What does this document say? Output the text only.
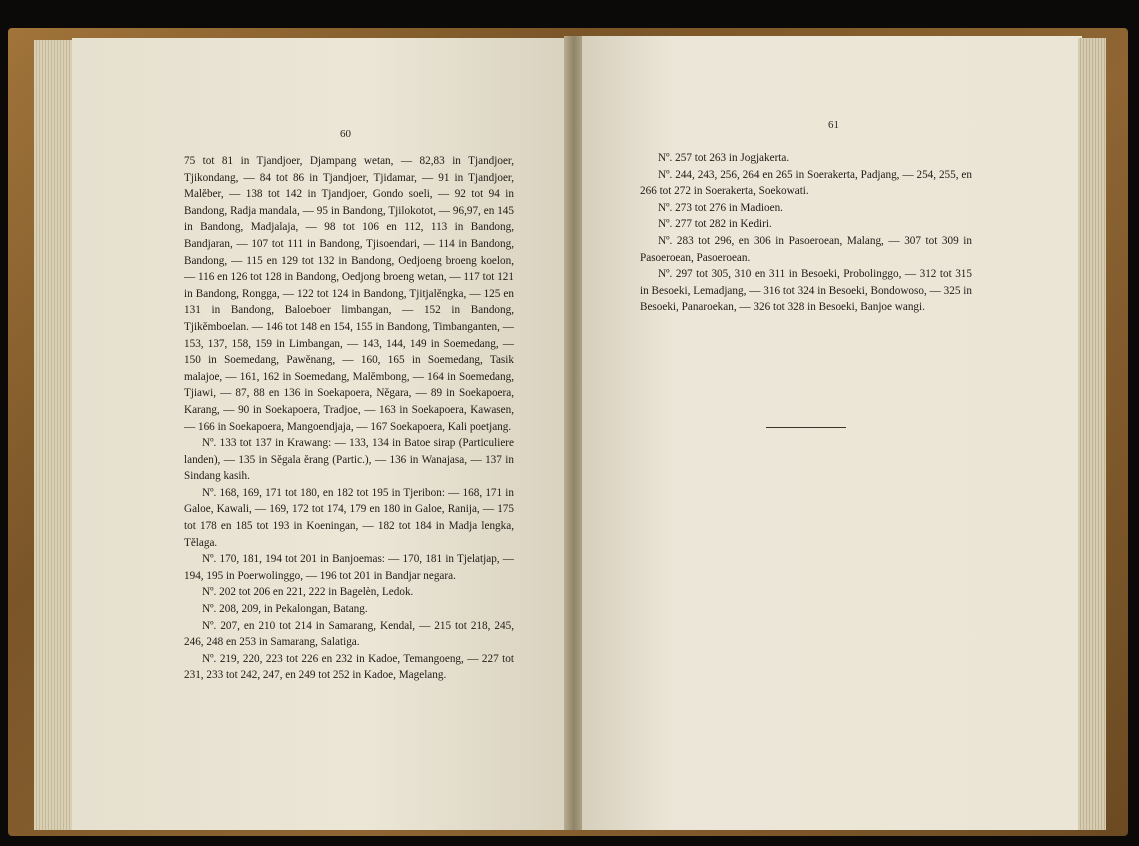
60
61

75 tot 81 in Tjandjoer, Djampang wetan, — 82,83 in Tjandjoer, Tjikondang, — 84 tot 86 in Tjandjoer, Tjidamar, — 91 in Tjandjoer, Malĕber, — 138 tot 142 in Tjandjoer, Gondo soeli, — 92 tot 94 in Bandong, Radja mandala, — 95 in Bandong, Tjilokotot, — 96,97, en 145 in Bandong, Madjalaja, — 98 tot 106 en 112, 113 in Bandong, Bandjaran, — 107 tot 111 in Bandong, Tjisoendari, — 114 in Bandong, Bandong, — 115 en 129 tot 132 in Bandong, Oedjoeng broeng koelon, — 116 en 126 tot 128 in Bandong, Oedjong broeng wetan, — 117 tot 121 in Bandong, Rongga, — 122 tot 124 in Bandong, Tjitjalĕngka, — 125 en 131 in Bandong, Baloeboer limbangan, — 152 in Bandong, Tjikĕmboelan. — 146 tot 148 en 154, 155 in Bandong, Timbanganten, — 153, 137, 158, 159 in Limbangan, — 143, 144, 149 in Soemedang, — 150 in Soemedang, Pawĕnang, — 160, 165 in Soemedang, Tasik malajoe, — 161, 162 in Soemedang, Malĕmbong, — 164 in Soemedang, Tjiawi, — 87, 88 en 136 in Soekapoera, Nĕgara, — 89 in Soekapoera, Karang, — 90 in Soekapoera, Tradjoe, — 163 in Soekapoera, Kawasen, — 166 in Soekapoera, Mangoendjaja, — 167 Soekapoera, Kali poetjang.

Nº. 133 tot 137 in Krawang: — 133, 134 in Batoe sirap (Particuliere landen), — 135 in Sĕgala ĕrang (Partic.), — 136 in Wanajasa, — 137 in Sindang kasih.

Nº. 168, 169, 171 tot 180, en 182 tot 195 in Tjeribon: — 168, 171 in Galoe, Kawali, — 169, 172 tot 174, 179 en 180 in Galoe, Ranija, — 175 tot 178 en 185 tot 193 in Koeningan, — 182 tot 184 in Madja lengka, Tĕlaga.

Nº. 170, 181, 194 tot 201 in Banjoemas: — 170, 181 in Tjelatjap, — 194, 195 in Poerwolinggo, — 196 tot 201 in Bandjar negara.

Nº. 202 tot 206 en 221, 222 in Bagelèn, Ledok.

Nº. 208, 209, in Pekalongan, Batang.

Nº. 207, en 210 tot 214 in Samarang, Kendal, — 215 tot 218, 245, 246, 248 en 253 in Samarang, Salatiga.

Nº. 219, 220, 223 tot 226 en 232 in Kadoe, Temangoeng, — 227 tot 231, 233 tot 242, 247, en 249 tot 252 in Kadoe, Magelang.

Nº. 257 tot 263 in Jogjakerta.

Nº. 244, 243, 256, 264 en 265 in Soerakerta, Padjang, — 254, 255, en 266 tot 272 in Soerakerta, Soekowati.

Nº. 273 tot 276 in Madioen.

Nº. 277 tot 282 in Kediri.

Nº. 283 tot 296, en 306 in Pasoeroean, Malang, — 307 tot 309 in Pasoeroean, Pasoeroean.

Nº. 297 tot 305, 310 en 311 in Besoeki, Probolinggo, — 312 tot 315 in Besoeki, Lemadjang, — 316 tot 324 in Besoeki, Bondowoso, — 325 in Besoeki, Panaroekan, — 326 tot 328 in Besoeki, Banjoe wangi.
